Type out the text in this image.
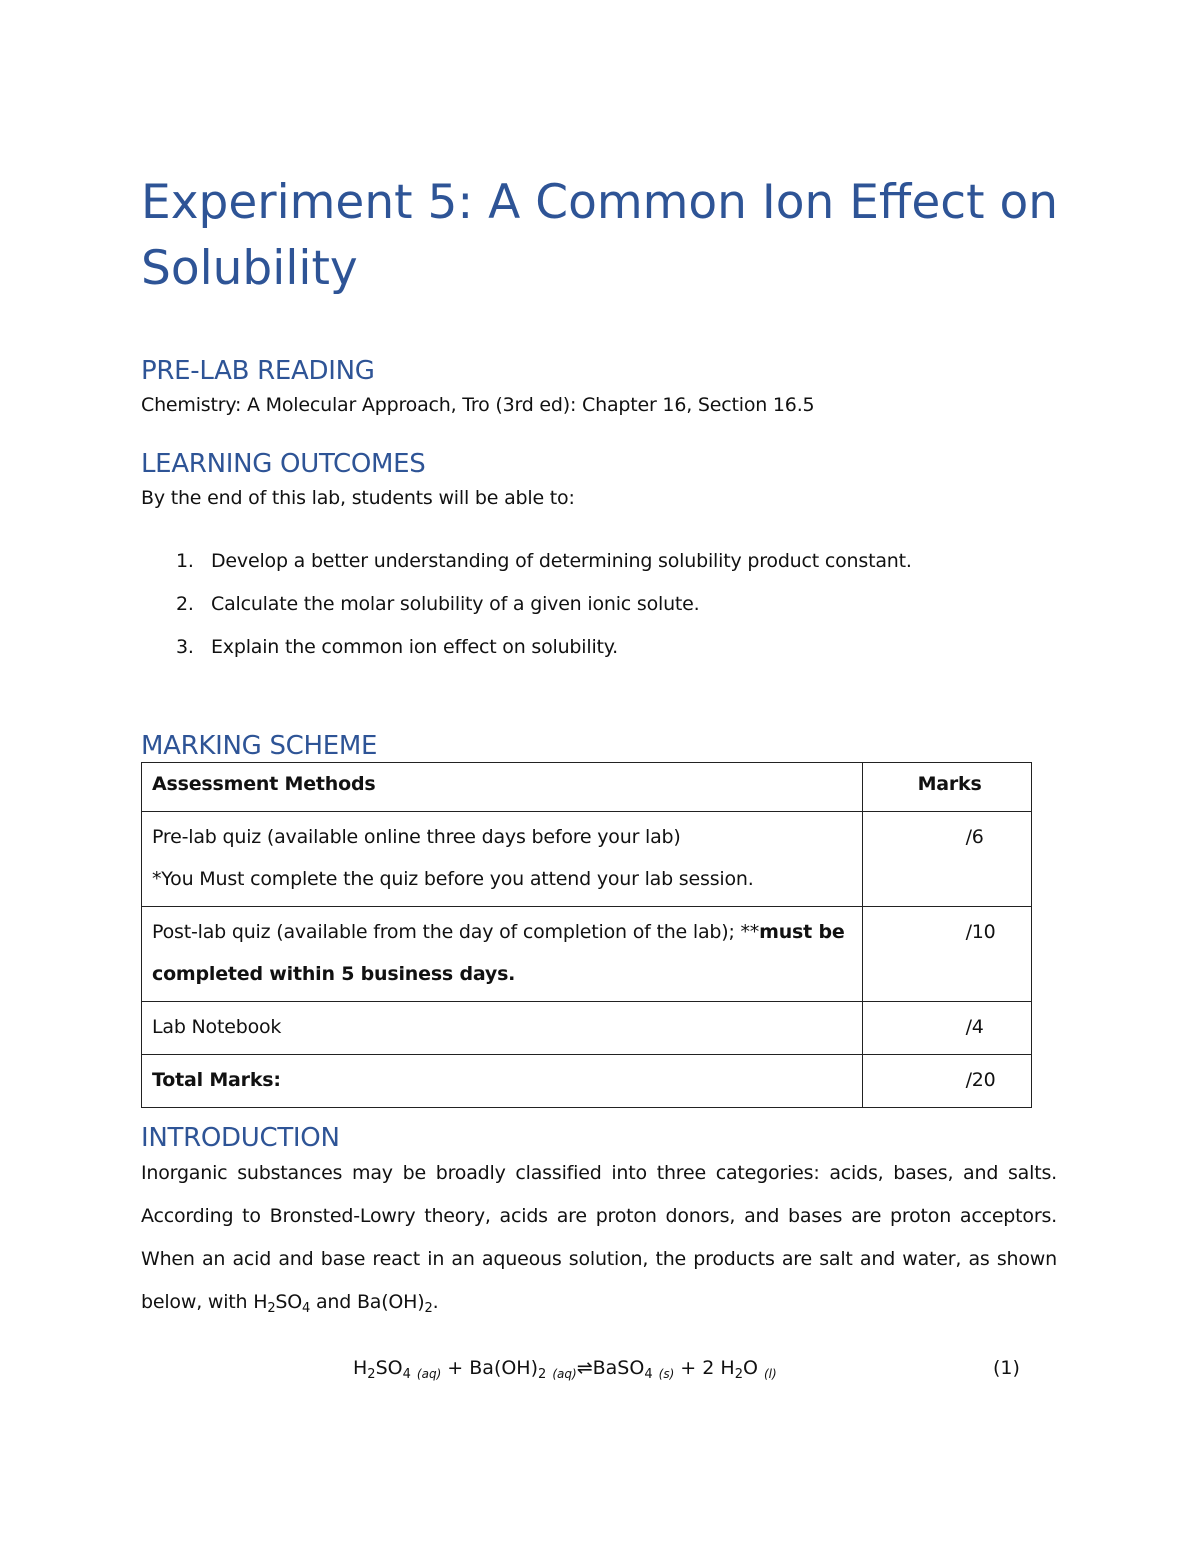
Experiment 5: A Common Ion Effect on Solubility
PRE-LAB READING

Chemistry: A Molecular Approach, Tro (3rd ed): Chapter 16, Section 16.5

LEARNING OUTCOMES

By the end of this lab, students will be able to:

1. Develop a better understanding of determining solubility product constant.
2. Calculate the molar solubility of a given ionic solute.
3. Explain the common ion effect on solubility.
MARKING SCHEME
Assessment Methods	Marks

Pre-lab quiz (available online three days before your lab)
*You Must complete the quiz before you attend your lab session.	/6

Post-lab quiz (available from the day of completion of the lab); **must be
completed within 5 business days.	/10

Lab Notebook	/4

Total Marks:	/20
INTRODUCTION

Inorganic substances may be broadly classified into three categories: acids, bases, and salts. According to Bronsted-Lowry theory, acids are proton donors, and bases are proton acceptors. When an acid and base react in an aqueous solution, the products are salt and water, as shown below, with $H_2SO_4$ and $Ba(OH)_2$.

$H_2SO_4$ $_{(aq)} + Ba(OH)_2$ $_{(aq)}$⇌BaSO$_4$ $_{(s)}$ + 2 $H_2O$ $_{(l)}$	(1)
